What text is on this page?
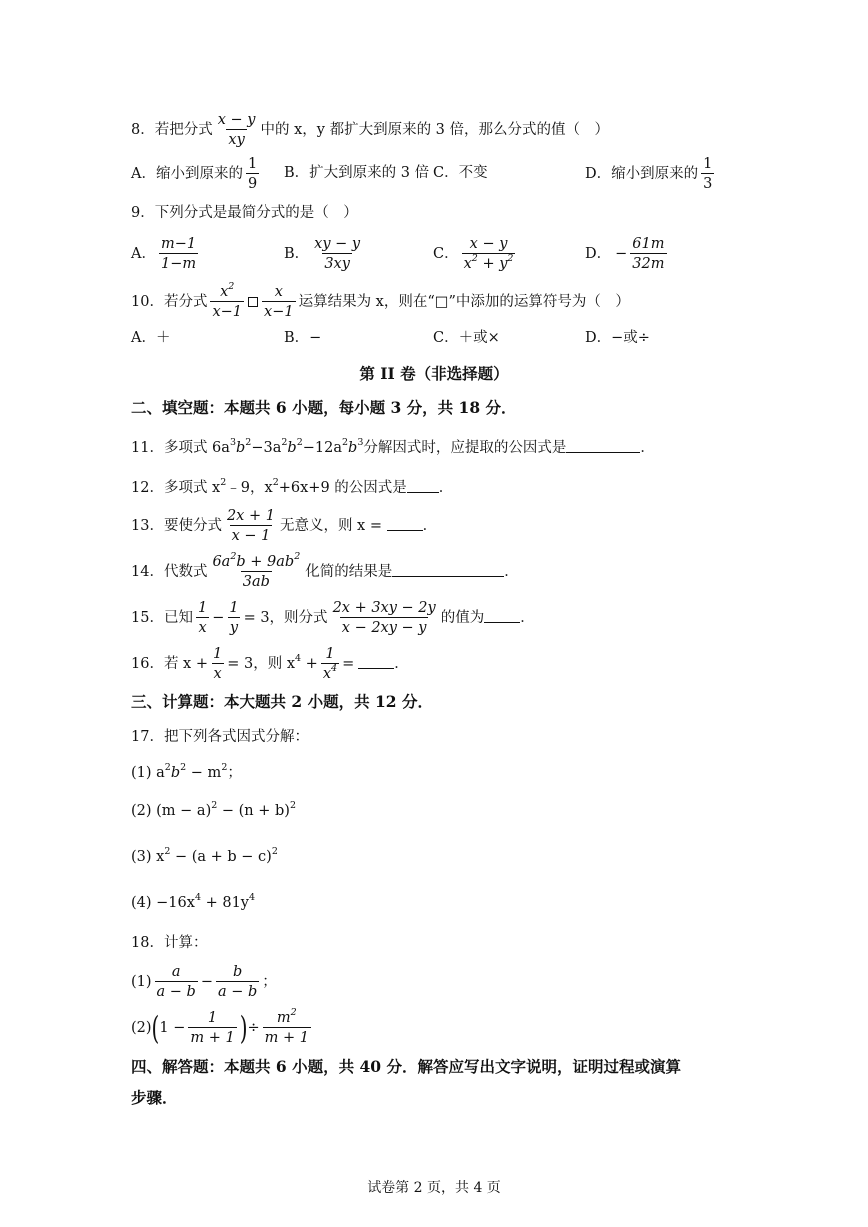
8．若把分式 $\frac{x - y}{xy}$ 中的 x，y 都扩大到原来的 3 倍，那么分式的值（　）
A．缩小到原来的 $\frac{1}{9}$ B．扩大到原来的 3 倍 C．不变	D．缩小到原来的 $\frac{1}{3}$
9．下列分式是最简分式的是（　）
A． $\frac{m-1}{1-m}$	B． $\frac{xy - y}{3xy}$	C． $\frac{x - y}{x^2 + y^2}$	D． − $\frac{61m}{32m}$
10．若分式 $\frac{x^2}{x-1} \frac{x}{x-1}$ 运算结果为 x，则在“□”中添加的运算符号为（　）
A．＋	B．−	C．＋或×	D．−或÷
第 II 卷（非选择题）
二、填空题：本题共 6 小题，每小题 3 分，共 18 分．
11．多项式 $6a^3b^2-3a^2b^2-12a^2b^3$分解因式时，应提取的公因式是	．
12．多项式 $x^2﹣9$，$x^2+6x+9$ 的公因式是 ．
13．要使分式 $\frac{2x + 1}{x - 1}$ 无意义，则 x = ．
14．代数式 $\frac{6a^2b + 9ab^2}{3ab}$ 化简的结果是	．
15．已知 $\frac{1}{x} - \frac{1}{y} = 3$，则分式 $\frac{2x + 3xy - 2y}{x - 2xy - y}$ 的值为 ．
16．若 $x + \frac{1}{x} = 3$，则 $x^4 + \frac{1}{x^4}$ =	．
三、计算题：本大题共 2 小题，共 12 分．
17．把下列各式因式分解：
(1) $a^2b^2 - m^2$；
(2) $(m - a)^2 - (n + b)^2$
(3) $x^2 - (a + b - c)^2$
$(4) -16x^4 + 81y^4$
18．计算：
$(1) \frac{a}{a - b} - \frac{b}{a - b}$ ；
$(2)(1 - \frac{1}{m + 1}$ )÷ $\frac{m^2}{m + 1}$
四、解答题：本题共 6 小题，共 40 分．解答应写出文字说明，证明过程或演算
步骤．
试卷第 2 页，共 4 页
